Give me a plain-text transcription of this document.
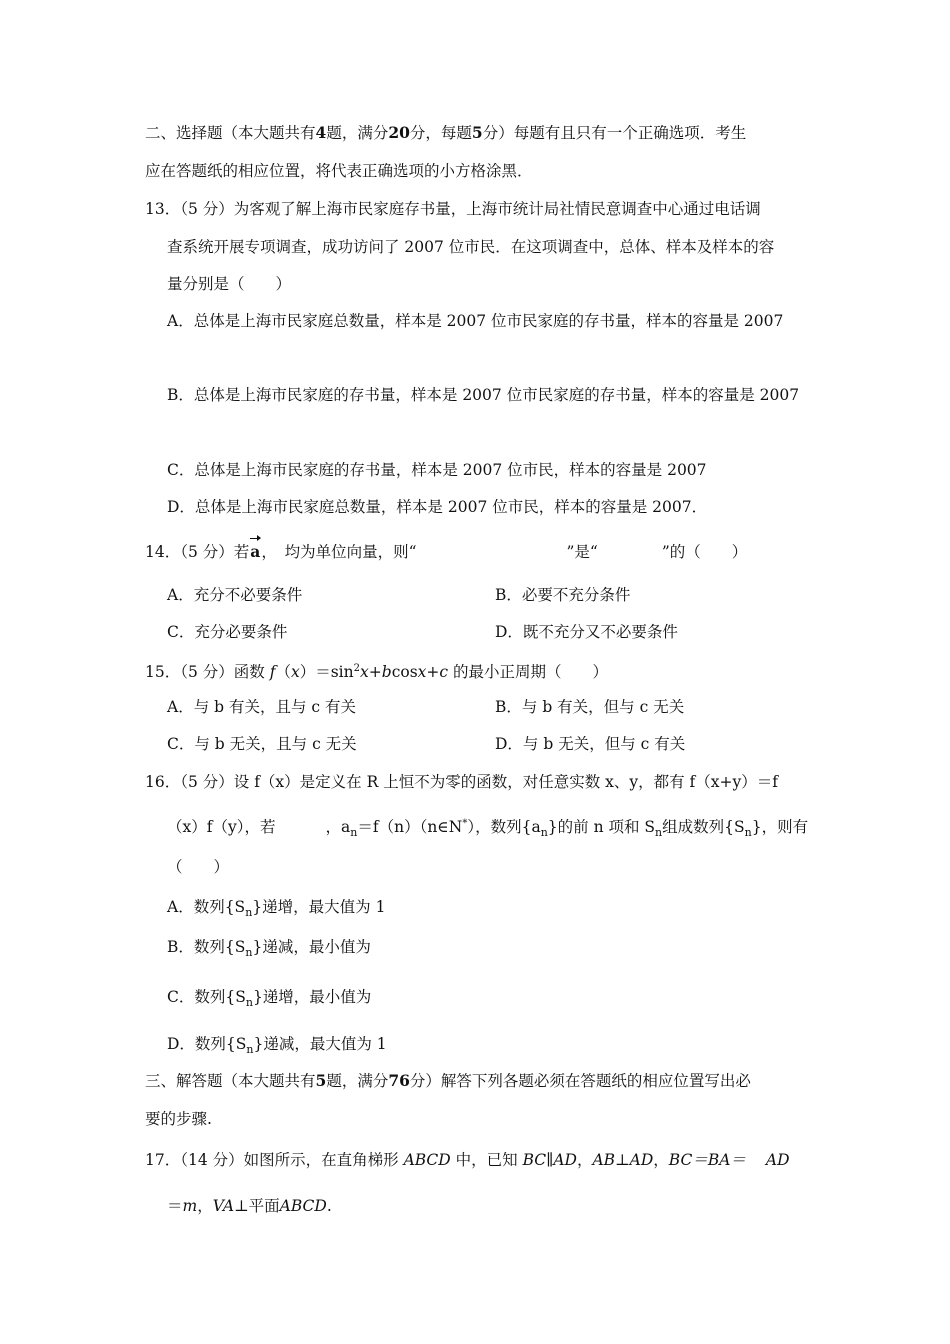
二、选择题（本大题共有4题，满分20分，每题5分）每题有且只有一个正确选项．考生
应在答题纸的相应位置，将代表正确选项的小方格涂黑．
13．（5 分）为客观了解上海市民家庭存书量，上海市统计局社情民意调查中心通过电话调
查系统开展专项调查，成功访问了 2007 位市民．在这项调查中，总体、样本及样本的容
量分别是（　　）
A．总体是上海市民家庭总数量，样本是 2007 位市民家庭的存书量，样本的容量是 2007
B．总体是上海市民家庭的存书量，样本是 2007 位市民家庭的存书量，样本的容量是 2007
C．总体是上海市民家庭的存书量，样本是 2007 位市民，样本的容量是 2007
D．总体是上海市民家庭总数量，样本是 2007 位市民，样本的容量是 2007．
14．（5 分）若a，　均为单位向量，则“	”是“	”的（　　）
A．充分不必要条件	B．必要不充分条件
C．充分必要条件	D．既不充分又不必要条件
15．（5 分）函数 $f(x)=\sin^2x+bcosx+c$ 的最小正周期（　　）
A．与 b 有关，且与 c 有关	B．与 b 有关，但与 c 无关
C．与 b 无关，且与 c 无关	D．与 b 无关，但与 c 有关
16．（5 分）设 f（x）是定义在 R 上恒不为零的函数，对任意实数 x、y，都有 f（x+y）＝f
（x）f（y），若	，$a_n=f(n)(n\in N^*)$，数列$\{a_n\}$的前 n 项和 $S_n$组成数列$\{S_n\}$，则有
（　　）
A．数列$\{S_n\}$递增，最大值为 1
B．数列$\{S_n\}$递减，最小值为
C．数列$\{S_n\}$递增，最小值为
D．数列$\{S_n\}$递减，最大值为 1
三、解答题（本大题共有5题，满分76分）解答下列各题必须在答题纸的相应位置写出必
要的步骤.
17．（14 分）如图所示，在直角梯形 ABCD 中，已知 BC∥AD，AB⊥AD，BC＝BA＝ AD
＝m，VA⊥平面ABCD.
